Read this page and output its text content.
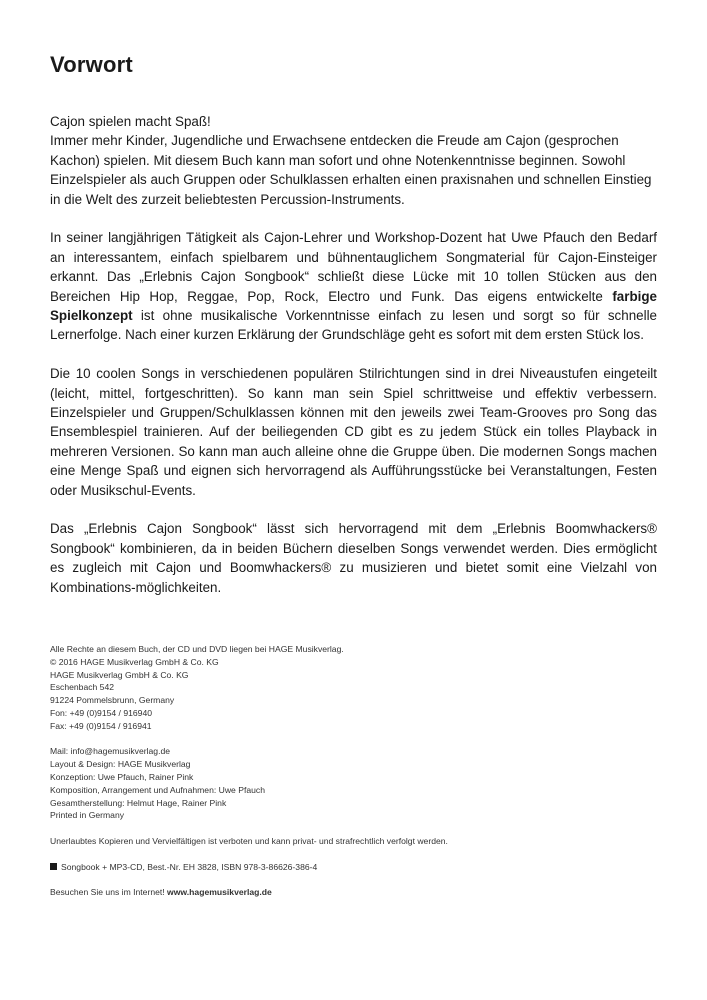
Vorwort

Cajon spielen macht Spaß!
Immer mehr Kinder, Jugendliche und Erwachsene entdecken die Freude am Cajon (gesprochen Kachon) spielen. Mit diesem Buch kann man sofort und ohne Notenkenntnisse beginnen. Sowohl Einzelspieler als auch Gruppen oder Schulklassen erhalten einen praxisnahen und schnellen Einstieg in die Welt des zurzeit beliebtesten Percussion-Instruments.

In seiner langjährigen Tätigkeit als Cajon-Lehrer und Workshop-Dozent hat Uwe Pfauch den Bedarf an interessantem, einfach spielbarem und bühnentauglichem Songmaterial für Cajon-Einsteiger erkannt. Das „Erlebnis Cajon Songbook“ schließt diese Lücke mit 10 tollen Stücken aus den Bereichen Hip Hop, Reggae, Pop, Rock, Electro und Funk. Das eigens entwickelte farbige Spielkonzept ist ohne musikalische Vorkenntnisse einfach zu lesen und sorgt so für schnelle Lernerfolge. Nach einer kurzen Erklärung der Grundschläge geht es sofort mit dem ersten Stück los.

Die 10 coolen Songs in verschiedenen populären Stilrichtungen sind in drei Niveaustufen eingeteilt (leicht, mittel, fortgeschritten). So kann man sein Spiel schrittweise und effektiv verbessern. Einzelspieler und Gruppen/Schulklassen können mit den jeweils zwei Team-Grooves pro Song das Ensemblespiel trainieren. Auf der beiliegenden CD gibt es zu jedem Stück ein tolles Playback in mehreren Versionen. So kann man auch alleine ohne die Gruppe üben. Die modernen Songs machen eine Menge Spaß und eignen sich hervorragend als Aufführungsstücke bei Veranstaltungen, Festen oder Musikschul-Events.

Das „Erlebnis Cajon Songbook“ lässt sich hervorragend mit dem „Erlebnis Boomwhackers® Songbook“ kombinieren, da in beiden Büchern dieselben Songs verwendet werden. Dies ermöglicht es zugleich mit Cajon und Boomwhackers® zu musizieren und bietet somit eine Vielzahl von Kombinations-möglichkeiten.

Alle Rechte an diesem Buch, der CD und DVD liegen bei HAGE Musikverlag.
© 2016 HAGE Musikverlag GmbH & Co. KG
HAGE Musikverlag GmbH & Co. KG
Eschenbach 542
91224 Pommelsbrunn, Germany
Fon: +49 (0)9154 / 916940
Fax: +49 (0)9154 / 916941
Mail: info@hagemusikverlag.de
Layout & Design: HAGE Musikverlag
Konzeption: Uwe Pfauch, Rainer Pink
Komposition, Arrangement und Aufnahmen: Uwe Pfauch
Gesamtherstellung: Helmut Hage, Rainer Pink
Printed in Germany
Unerlaubtes Kopieren und Vervielfältigen ist verboten und kann privat- und strafrechtlich verfolgt werden.
Songbook + MP3-CD, Best.-Nr. EH 3828, ISBN 978-3-86626-386-4
Besuchen Sie uns im Internet! www.hagemusikverlag.de
